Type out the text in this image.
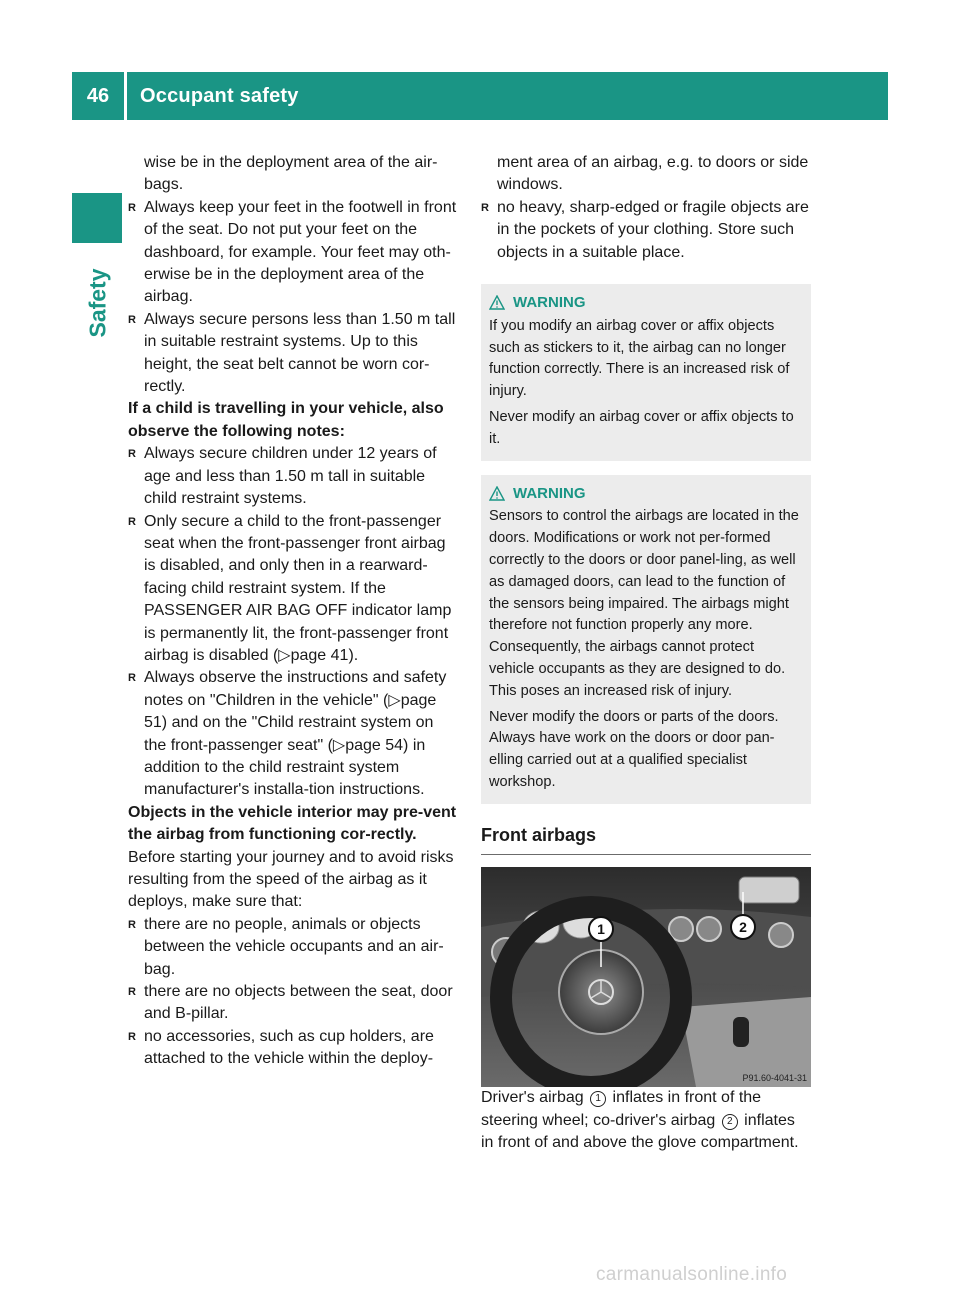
46	Occupant safety
Safety

wise be in the deployment area of the air-bags.

R Always keep your feet in the footwell in front of the seat. Do not put your feet on the dashboard, for example. Your feet may oth-erwise be in the deployment area of the airbag.

R Always secure persons less than 1.50 m tall in suitable restraint systems. Up to this height, the seat belt cannot be worn cor-rectly.

If a child is travelling in your vehicle, also observe the following notes:

R Always secure children under 12 years of age and less than 1.50 m tall in suitable child restraint systems.

R Only secure a child to the front-passenger seat when the front-passenger front airbag is disabled, and only then in a rearward-facing child restraint system. If the PASSENGER AIR BAG OFF indicator lamp is permanently lit, the front-passenger front airbag is disabled (▷page 41).

R Always observe the instructions and safety notes on "Children in the vehicle" (▷page 51) and on the "Child restraint system on the front-passenger seat" (▷page 54) in addition to the child restraint system manufacturer's installa-tion instructions.

Objects in the vehicle interior may pre-vent the airbag from functioning cor-rectly. Before starting your journey and to avoid risks resulting from the speed of the airbag as it deploys, make sure that:

R there are no people, animals or objects between the vehicle occupants and an air-bag.

R there are no objects between the seat, door and B-pillar.

R no accessories, such as cup holders, are attached to the vehicle within the deploy-

ment area of an airbag, e.g. to doors or side windows.

R no heavy, sharp-edged or fragile objects are in the pockets of your clothing. Store such objects in a suitable place.

WARNING

If you modify an airbag cover or affix objects such as stickers to it, the airbag can no longer function correctly. There is an increased risk of injury.

Never modify an airbag cover or affix objects to it.

WARNING

Sensors to control the airbags are located in the doors. Modifications or work not per-formed correctly to the doors or door panel-ling, as well as damaged doors, can lead to the function of the sensors being impaired. The airbags might therefore not function properly any more. Consequently, the airbags cannot protect vehicle occupants as they are designed to do. This poses an increased risk of injury.

Never modify the doors or parts of the doors. Always have work on the doors or door pan-elling carried out at a qualified specialist workshop.

Front airbags
1	2
P91.60-4041-31

Driver's airbag 1 inflates in front of the steering wheel; co-driver's airbag 2 inflates in front of and above the glove compartment.

carmanualsonline.info
